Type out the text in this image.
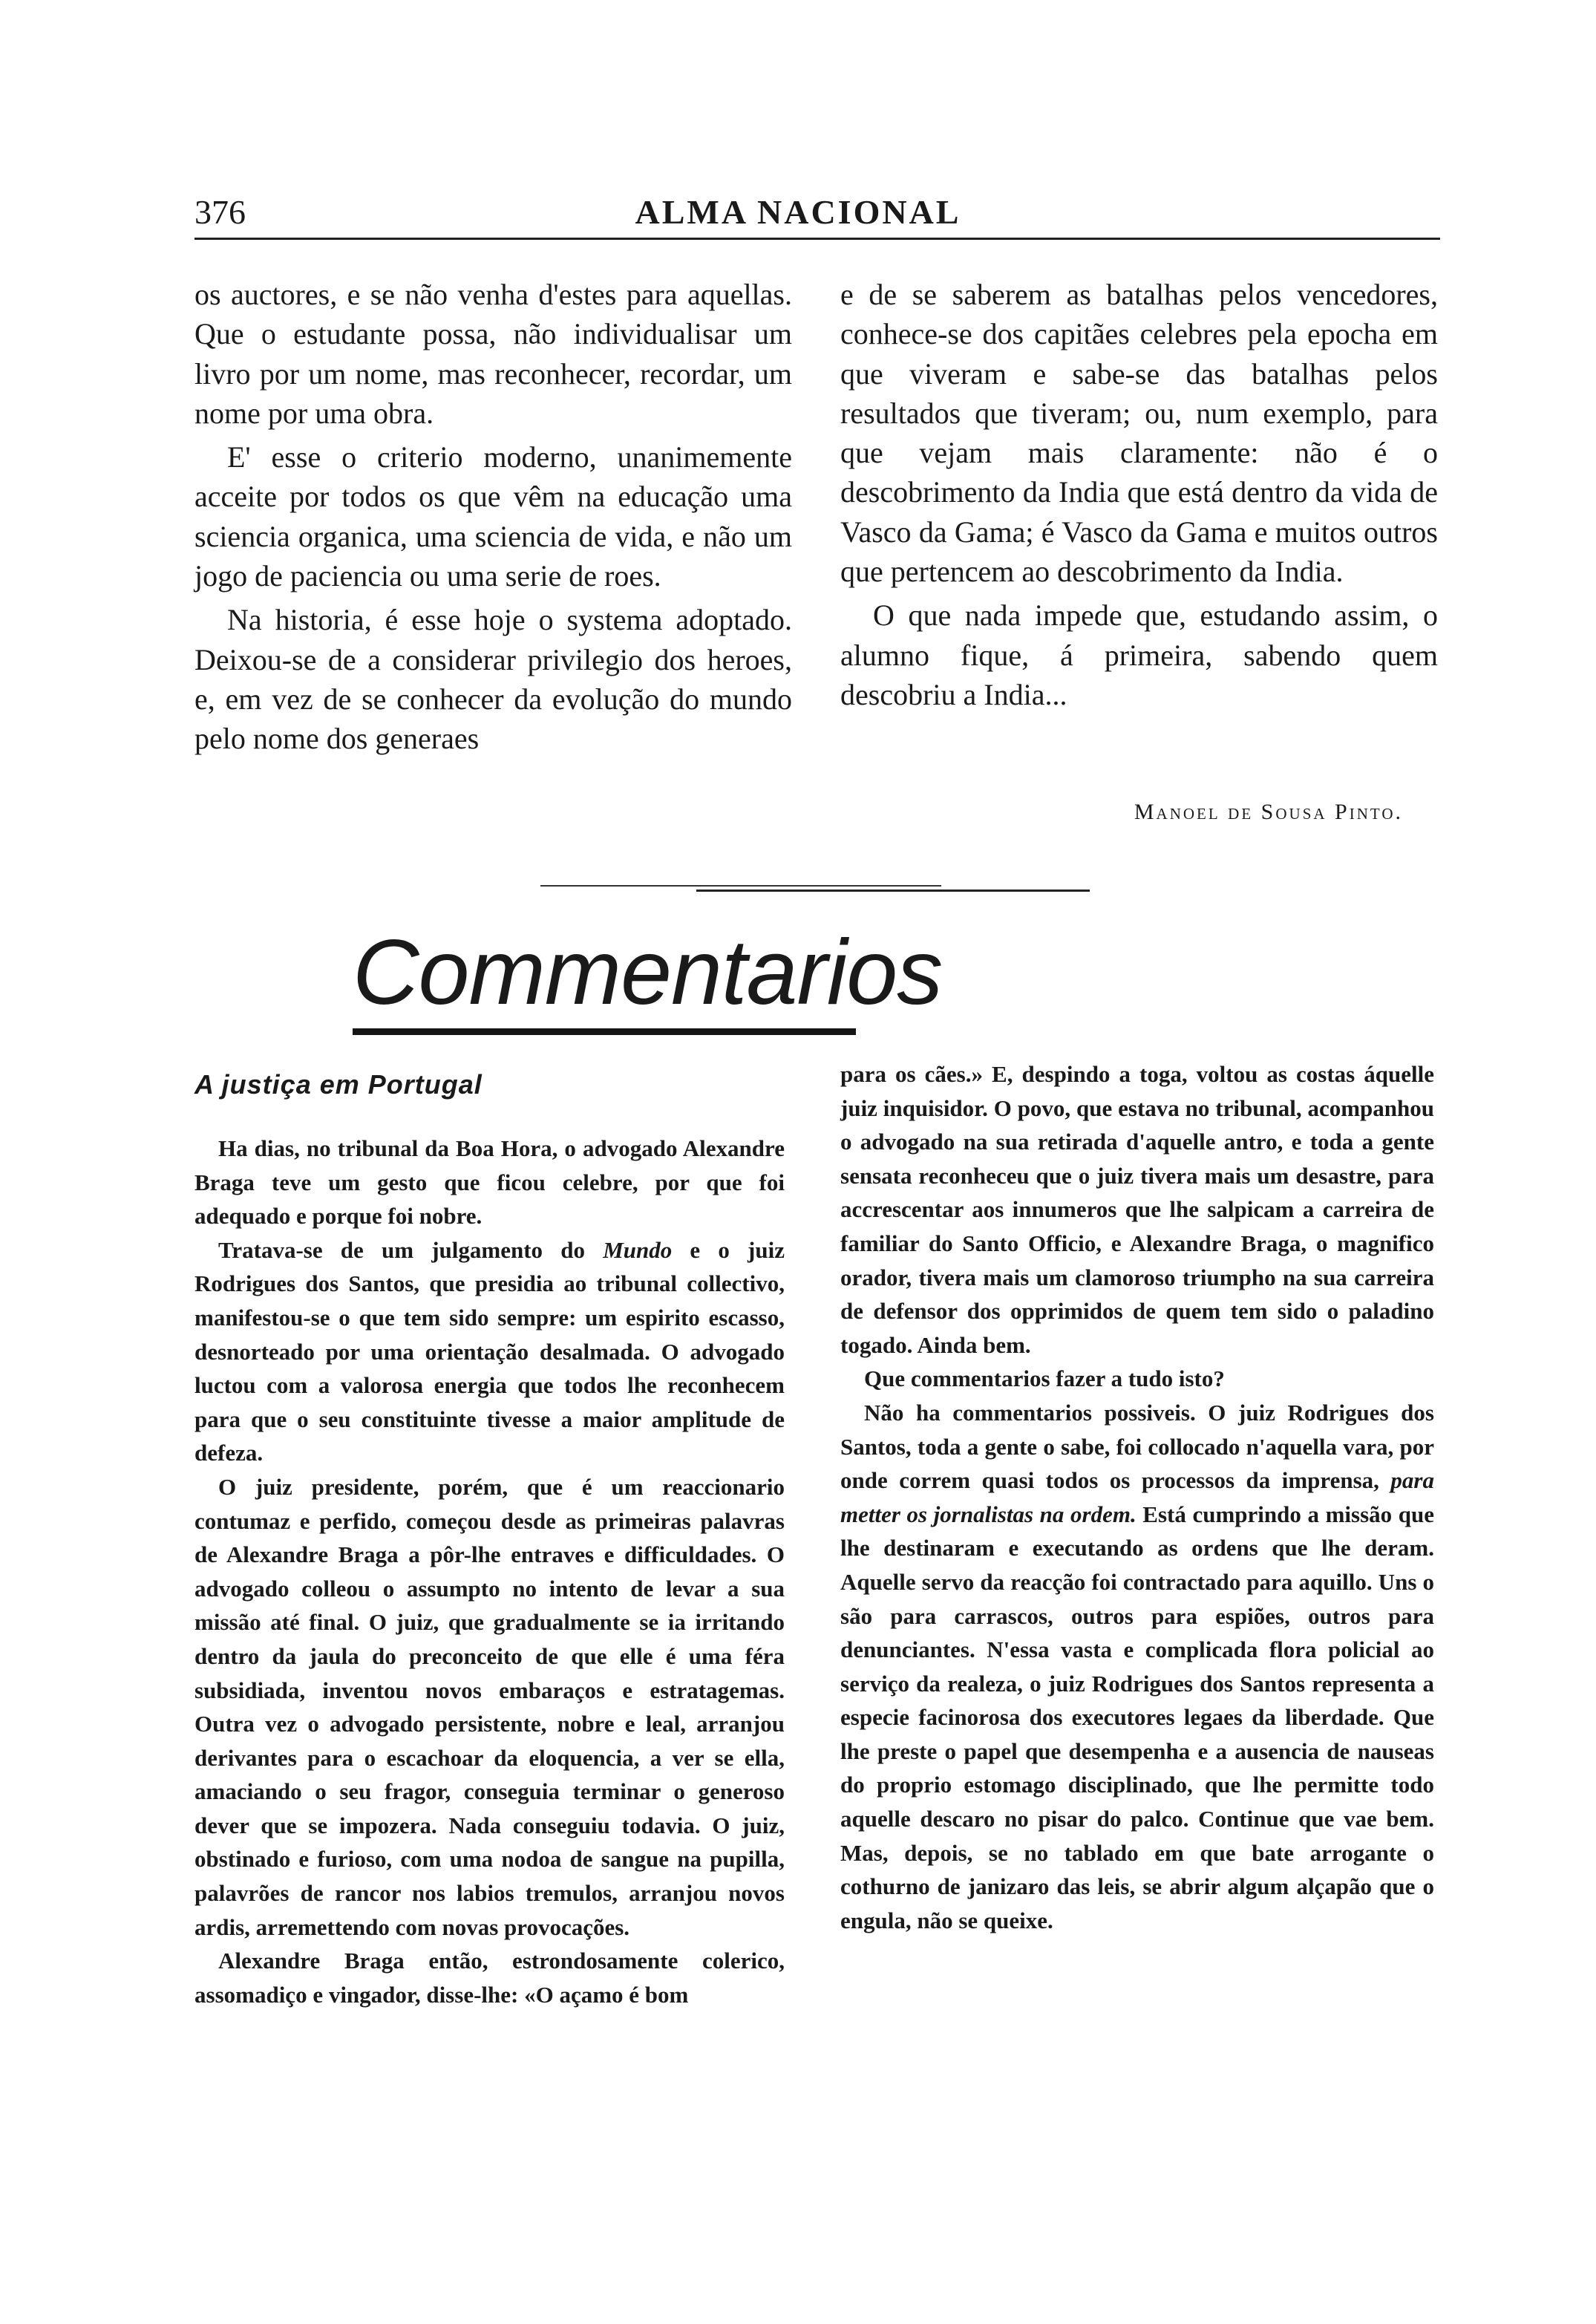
376	ALMA NACIONAL

os auctores, e se não venha d'estes para aquellas. Que o estudante possa, não individualisar um livro por um nome, mas reconhecer, recordar, um nome por uma obra.

E' esse o criterio moderno, unanimemente acceite por todos os que vêm na educação uma sciencia organica, uma sciencia de vida, e não um jogo de paciencia ou uma serie de roes.

Na historia, é esse hoje o systema adoptado. Deixou-se de a considerar privilegio dos heroes, e, em vez de se conhecer da evolução do mundo pelo nome dos generaes

e de se saberem as batalhas pelos vencedores, conhece-se dos capitães celebres pela epocha em que viveram e sabe-se das batalhas pelos resultados que tiveram; ou, num exemplo, para que vejam mais claramente: não é o descobrimento da India que está dentro da vida de Vasco da Gama; é Vasco da Gama e muitos outros que pertencem ao descobrimento da India.

O que nada impede que, estudando assim, o alumno fique, á primeira, sabendo quem descobriu a India...

Manoel de Sousa Pinto.
Commentarios
A justiça em Portugal

Ha dias, no tribunal da Boa Hora, o advogado Alexandre Braga teve um gesto que ficou celebre, por que foi adequado e porque foi nobre.

Tratava-se de um julgamento do Mundo e o juiz Rodrigues dos Santos, que presidia ao tribunal collectivo, manifestou-se o que tem sido sempre: um espirito escasso, desnorteado por uma orientação desalmada. O advogado luctou com a valorosa energia que todos lhe reconhecem para que o seu constituinte tivesse a maior amplitude de defeza.

O juiz presidente, porém, que é um reaccionario contumaz e perfido, começou desde as primeiras palavras de Alexandre Braga a pôr-lhe entraves e difficuldades. O advogado colleou o assumpto no intento de levar a sua missão até final. O juiz, que gradualmente se ia irritando dentro da jaula do preconceito de que elle é uma féra subsidiada, inventou novos embaraços e estratagemas. Outra vez o advogado persistente, nobre e leal, arranjou derivantes para o escachoar da eloquencia, a ver se ella, amaciando o seu fragor, conseguia terminar o generoso dever que se impozera. Nada conseguiu todavia. O juiz, obstinado e furioso, com uma nodoa de sangue na pupilla, palavrões de rancor nos labios tremulos, arranjou novos ardis, arremettendo com novas provocações.

Alexandre Braga então, estrondosamente colerico, assomadiço e vingador, disse-lhe: «O açamo é bom

para os cães.» E, despindo a toga, voltou as costas áquelle juiz inquisidor. O povo, que estava no tribunal, acompanhou o advogado na sua retirada d'aquelle antro, e toda a gente sensata reconheceu que o juiz tivera mais um desastre, para accrescentar aos innumeros que lhe salpicam a carreira de familiar do Santo Officio, e Alexandre Braga, o magnifico orador, tivera mais um clamoroso triumpho na sua carreira de defensor dos opprimidos de quem tem sido o paladino togado. Ainda bem.

Que commentarios fazer a tudo isto?

Não ha commentarios possiveis. O juiz Rodrigues dos Santos, toda a gente o sabe, foi collocado n'aquella vara, por onde correm quasi todos os processos da imprensa, para metter os jornalistas na ordem. Está cumprindo a missão que lhe destinaram e executando as ordens que lhe deram. Aquelle servo da reacção foi contractado para aquillo. Uns o são para carrascos, outros para espiões, outros para denunciantes. N'essa vasta e complicada flora policial ao serviço da realeza, o juiz Rodrigues dos Santos representa a especie facinorosa dos executores legaes da liberdade. Que lhe preste o papel que desempenha e a ausencia de nauseas do proprio estomago disciplinado, que lhe permitte todo aquelle descaro no pisar do palco. Continue que vae bem. Mas, depois, se no tablado em que bate arrogante o cothurno de janizaro das leis, se abrir algum alçapão que o engula, não se queixe.
